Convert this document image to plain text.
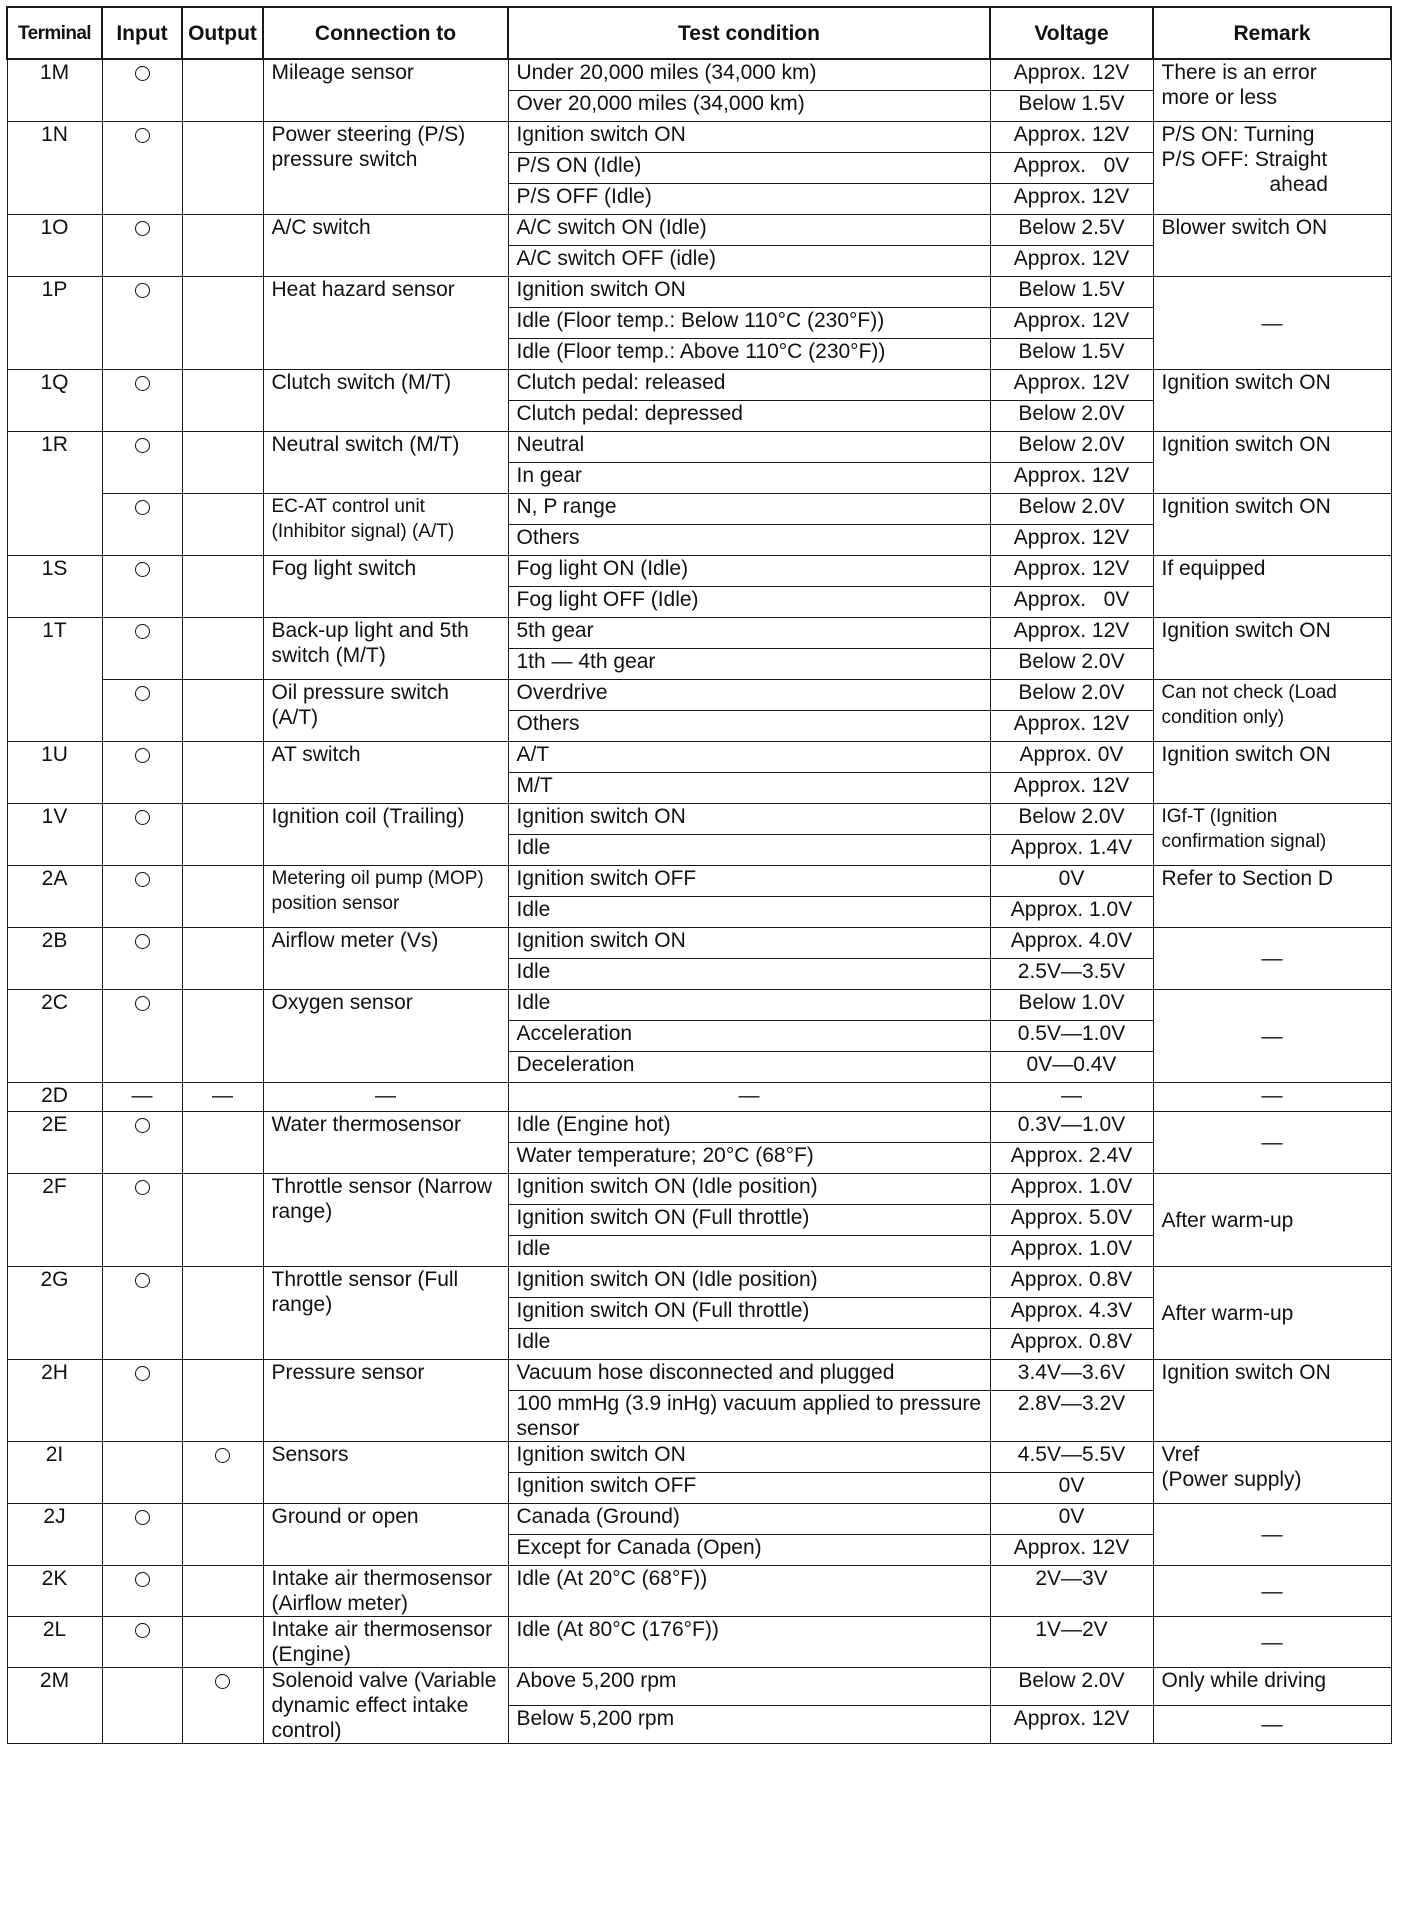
Terminal	Input	Output	Connection to	Test condition	Voltage	Remark
1M			Mileage sensor	Under 20,000 miles (34,000 km)	Approx. 12V	There is an error
more or less

				Over 20,000 miles (34,000 km)	Below 1.5V	
1N			Power steering (P/S) pressure switch	Ignition switch ON	Approx. 12V	P/S ON: Turning
P/S OFF: Straight
ahead

				P/S ON (Idle)	Approx.   0V	
				P/S OFF (Idle)	Approx. 12V	
1O			A/C switch	A/C switch ON (Idle)	Below 2.5V	Blower switch ON

				A/C switch OFF (idle)	Approx. 12V	
1P			Heat hazard sensor	Ignition switch ON	Below 1.5V	—

				Idle (Floor temp.: Below 110°C (230°F))	Approx. 12V	
				Idle (Floor temp.: Above 110°C (230°F))	Below 1.5V	
1Q			Clutch switch (M/T)	Clutch pedal: released	Approx. 12V	Ignition switch ON

				Clutch pedal: depressed	Below 2.0V	
1R			Neutral switch (M/T)	Neutral	Below 2.0V	Ignition switch ON

				In gear	Approx. 12V	
			EC-AT control unit (Inhibitor signal) (A/T)	N, P range	Below 2.0V	Ignition switch ON

				Others	Approx. 12V	
1S			Fog light switch	Fog light ON (Idle)	Approx. 12V	If equipped

				Fog light OFF (Idle)	Approx.   0V	
1T			Back-up light and 5th switch (M/T)	5th gear	Approx. 12V	Ignition switch ON

				1th — 4th gear	Below 2.0V	
			Oil pressure switch (A/T)	Overdrive	Below 2.0V	Can not check (Load
condition only)

				Others	Approx. 12V	
1U			AT switch	A/T	Approx. 0V	Ignition switch ON

				M/T	Approx. 12V	
1V			Ignition coil (Trailing)	Ignition switch ON	Below 2.0V	IGf-T (Ignition
confirmation signal)

				Idle	Approx. 1.4V	
2A			Metering oil pump (MOP) position sensor	Ignition switch OFF	0V	Refer to Section D

				Idle	Approx. 1.0V	
2B			Airflow meter (Vs)	Ignition switch ON	Approx. 4.0V	—

				Idle	2.5V—3.5V	
2C			Oxygen sensor	Idle	Below 1.0V	—

				Acceleration	0.5V—1.0V	
				Deceleration	0V—0.4V	
2D	—	—	—	—	—	—
2E			Water thermosensor	Idle (Engine hot)	0.3V—1.0V	—

				Water temperature; 20°C (68°F)	Approx. 2.4V	
2F			Throttle sensor (Narrow range)	Ignition switch ON (Idle position)	Approx. 1.0V	After warm-up

				Ignition switch ON (Full throttle)	Approx. 5.0V	
				Idle	Approx. 1.0V	
2G			Throttle sensor (Full range)	Ignition switch ON (Idle position)	Approx. 0.8V	After warm-up

				Ignition switch ON (Full throttle)	Approx. 4.3V	
				Idle	Approx. 0.8V	
2H			Pressure sensor	Vacuum hose disconnected and plugged	3.4V—3.6V	Ignition switch ON

				100 mmHg (3.9 inHg) vacuum applied to pressure sensor	2.8V—3.2V	
2I			Sensors	Ignition switch ON	4.5V—5.5V	Vref
(Power supply)

				Ignition switch OFF	0V	
2J			Ground or open	Canada (Ground)	0V	—

				Except for Canada (Open)	Approx. 12V	
2K			Intake air thermosensor (Airflow meter)	Idle (At 20°C (68°F))	2V—3V	—

2L			Intake air thermosensor (Engine)	Idle (At 80°C (176°F))	1V—2V	—

2M			Solenoid valve (Variable dynamic effect intake control)	Above 5,200 rpm	Below 2.0V	Only while driving
				Below 5,200 rpm	Approx. 12V	—
